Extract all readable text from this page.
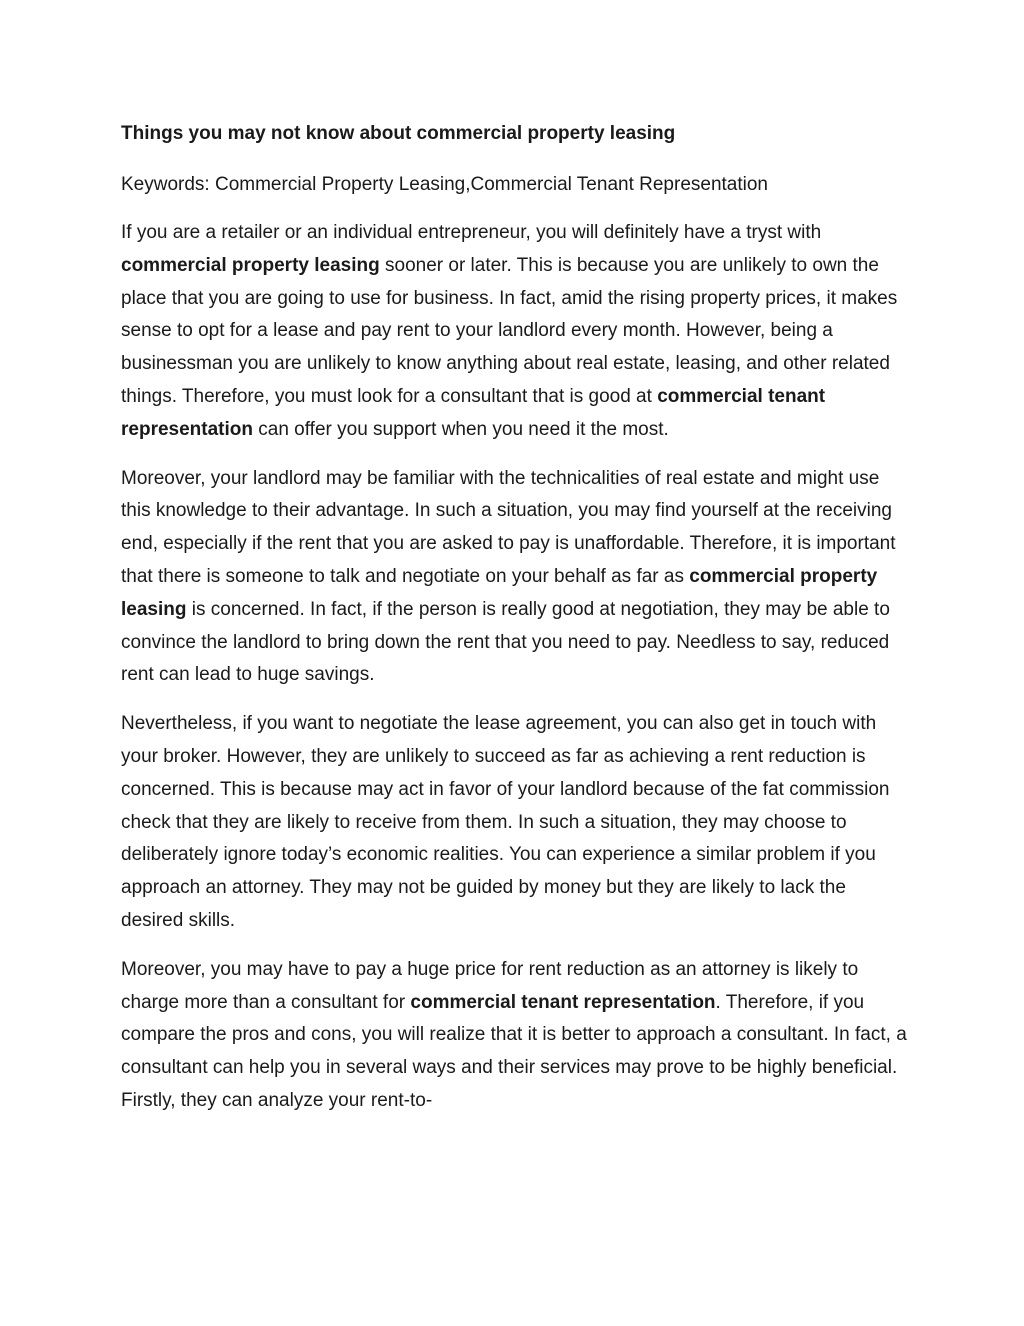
Things you may not know about commercial property leasing

Keywords: Commercial Property Leasing,Commercial Tenant Representation

If you are a retailer or an individual entrepreneur, you will definitely have a tryst with commercial property leasing sooner or later. This is because you are unlikely to own the place that you are going to use for business. In fact, amid the rising property prices, it makes sense to opt for a lease and pay rent to your landlord every month. However, being a businessman you are unlikely to know anything about real estate, leasing, and other related things. Therefore, you must look for a consultant that is good at commercial tenant representation can offer you support when you need it the most.

Moreover, your landlord may be familiar with the technicalities of real estate and might use this knowledge to their advantage. In such a situation, you may find yourself at the receiving end, especially if the rent that you are asked to pay is unaffordable. Therefore, it is important that there is someone to talk and negotiate on your behalf as far as commercial property leasing is concerned. In fact, if the person is really good at negotiation, they may be able to convince the landlord to bring down the rent that you need to pay. Needless to say, reduced rent can lead to huge savings.

Nevertheless, if you want to negotiate the lease agreement, you can also get in touch with your broker. However, they are unlikely to succeed as far as achieving a rent reduction is concerned. This is because may act in favor of your landlord because of the fat commission check that they are likely to receive from them. In such a situation, they may choose to deliberately ignore today’s economic realities. You can experience a similar problem if you approach an attorney. They may not be guided by money but they are likely to lack the desired skills.

Moreover, you may have to pay a huge price for rent reduction as an attorney is likely to charge more than a consultant for commercial tenant representation. Therefore, if you compare the pros and cons, you will realize that it is better to approach a consultant. In fact, a consultant can help you in several ways and their services may prove to be highly beneficial. Firstly, they can analyze your rent-to-
